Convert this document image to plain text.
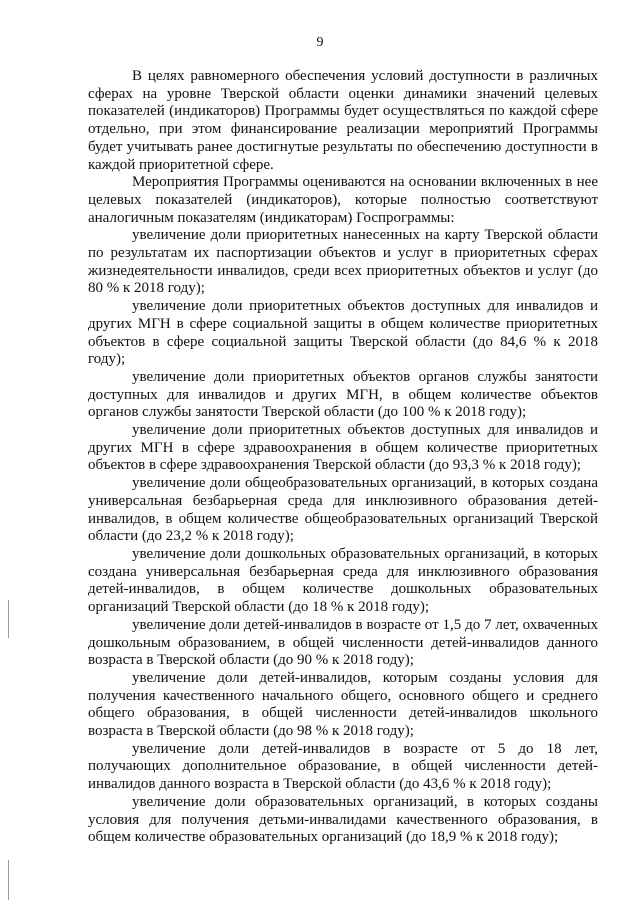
9

В целях равномерного обеспечения условий доступности в различных сферах на уровне Тверской области оценки динамики значений целевых показателей (индикаторов) Программы будет осуществляться по каждой сфере отдельно, при этом финансирование реализации мероприятий Программы будет учитывать ранее достигнутые результаты по обеспечению доступности в каждой приоритетной сфере.

Мероприятия Программы оцениваются на основании включенных в нее целевых показателей (индикаторов), которые полностью соответствуют аналогичным показателям (индикаторам) Госпрограммы:

увеличение доли приоритетных нанесенных на карту Тверской области по результатам их паспортизации объектов и услуг в приоритетных сферах жизнедеятельности инвалидов, среди всех приоритетных объектов и услуг (до 80 % к 2018 году);

увеличение доли приоритетных объектов доступных для инвалидов и других МГН в сфере социальной защиты в общем количестве приоритетных объектов в сфере социальной защиты Тверской области (до 84,6 % к 2018 году);

увеличение доли приоритетных объектов органов службы занятости доступных для инвалидов и других МГН, в общем количестве объектов органов службы занятости Тверской области (до 100 % к 2018 году);

увеличение доли приоритетных объектов доступных для инвалидов и других МГН в сфере здравоохранения в общем количестве приоритетных объектов в сфере здравоохранения Тверской области (до 93,3 % к 2018 году);

увеличение доли общеобразовательных организаций, в которых создана универсальная безбарьерная среда для инклюзивного образования детей-инвалидов, в общем количестве общеобразовательных организаций Тверской области (до 23,2 % к 2018 году);

увеличение доли дошкольных образовательных организаций, в которых создана универсальная безбарьерная среда для инклюзивного образования детей-инвалидов, в общем количестве дошкольных образовательных организаций Тверской области (до 18 % к 2018 году);

увеличение доли детей-инвалидов в возрасте от 1,5 до 7 лет, охваченных дошкольным образованием, в общей численности детей-инвалидов данного возраста в Тверской области (до 90 % к 2018 году);

увеличение доли детей-инвалидов, которым созданы условия для получения качественного начального общего, основного общего и среднего общего образования, в общей численности детей-инвалидов школьного возраста в Тверской области (до 98 % к 2018 году);

увеличение доли детей-инвалидов в возрасте от 5 до 18 лет, получающих дополнительное образование, в общей численности детей-инвалидов данного возраста в Тверской области (до 43,6 % к 2018 году);

увеличение доли образовательных организаций, в которых созданы условия для получения детьми-инвалидами качественного образования, в общем количестве образовательных организаций (до 18,9 % к 2018 году);
